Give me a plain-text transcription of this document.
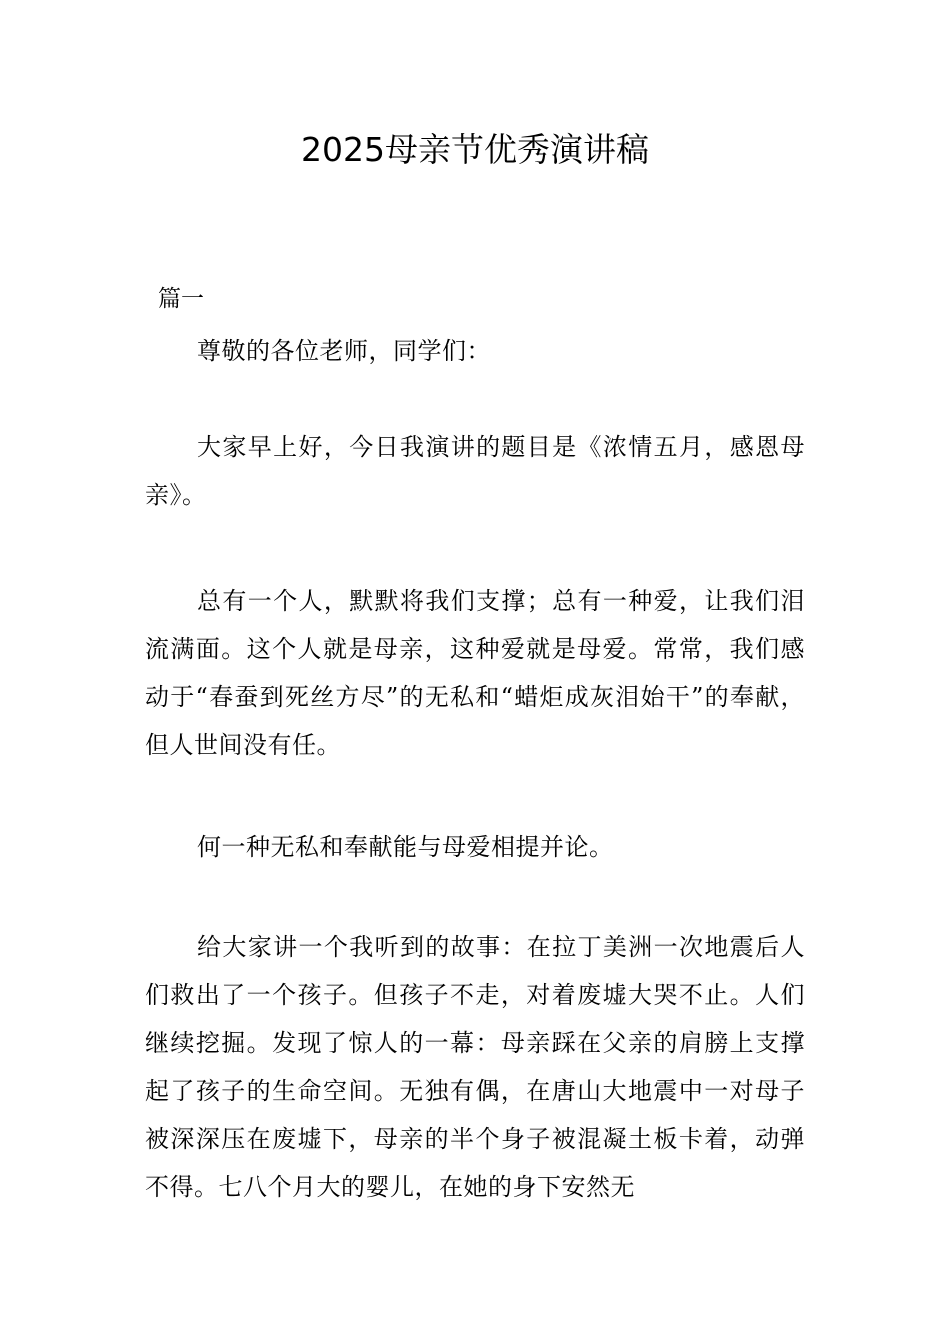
2025母亲节优秀演讲稿
篇一

尊敬的各位老师，同学们：

大家早上好，今日我演讲的题目是《浓情五月，感恩母亲》。

总有一个人，默默将我们支撑；总有一种爱，让我们泪流满面。这个人就是母亲，这种爱就是母爱。常常，我们感动于“春蚕到死丝方尽”的无私和“蜡炬成灰泪始干”的奉献，但人世间没有任。

何一种无私和奉献能与母爱相提并论。

给大家讲一个我听到的故事：在拉丁美洲一次地震后人们救出了一个孩子。但孩子不走，对着废墟大哭不止。人们继续挖掘。发现了惊人的一幕：母亲踩在父亲的肩膀上支撑起了孩子的生命空间。无独有偶，在唐山大地震中一对母子被深深压在废墟下，母亲的半个身子被混凝土板卡着，动弹不得。七八个月大的婴儿，在她的身下安然无
